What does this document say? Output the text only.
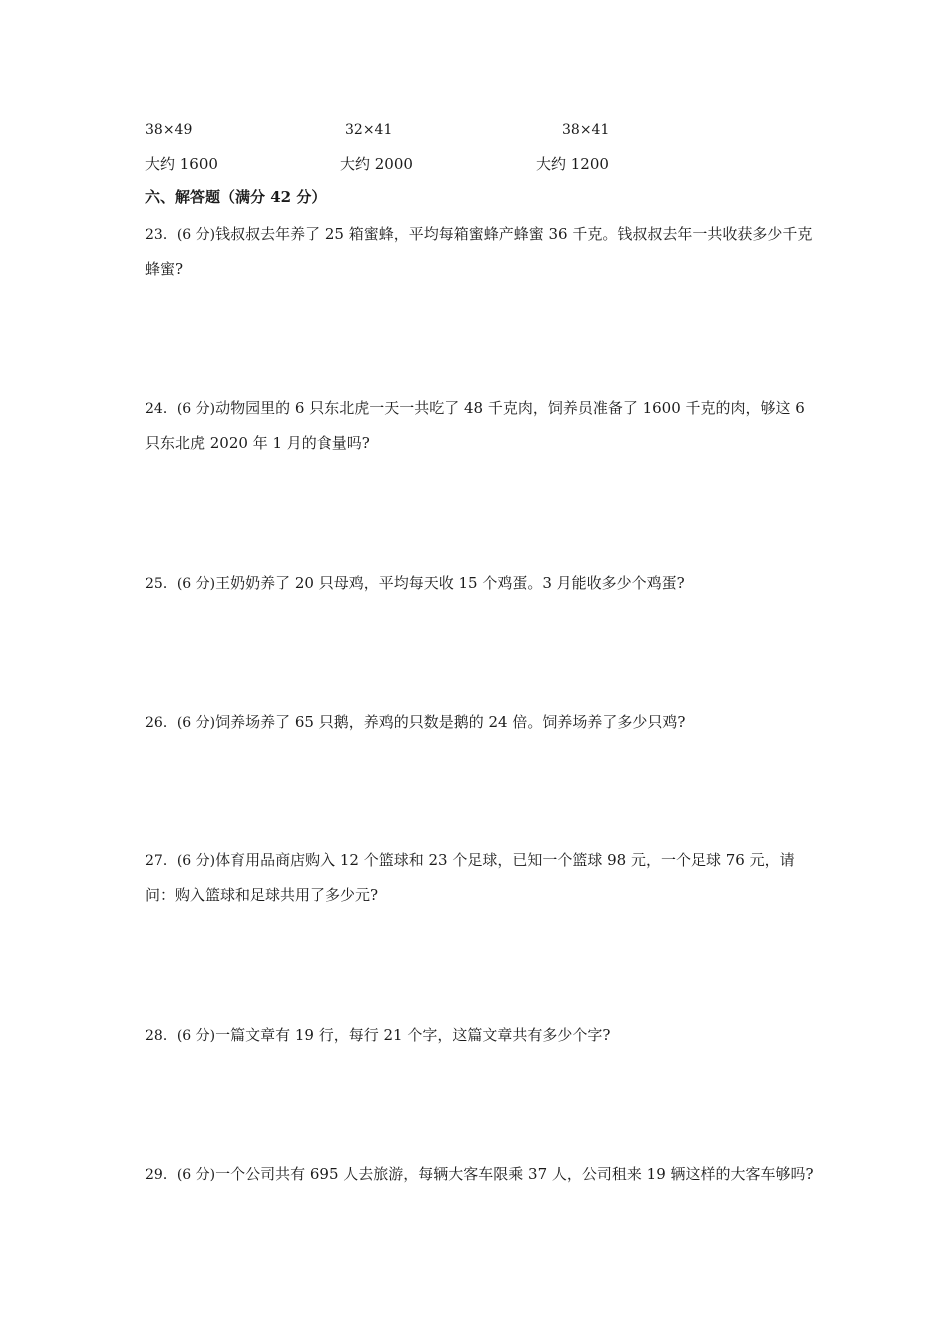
38×49	32×41	38×41
大约 1600	大约 2000	大约 1200
六、解答题（满分 42 分）
23．(6 分)钱叔叔去年养了 25 箱蜜蜂，平均每箱蜜蜂产蜂蜜 36 千克。钱叔叔去年一共收获多少千克蜂蜜?
24．(6 分)动物园里的 6 只东北虎一天一共吃了 48 千克肉，饲养员准备了 1600 千克的肉，够这 6 只东北虎 2020 年 1 月的食量吗?
25．(6 分)王奶奶养了 20 只母鸡，平均每天收 15 个鸡蛋。3 月能收多少个鸡蛋?
26．(6 分)饲养场养了 65 只鹅，养鸡的只数是鹅的 24 倍。饲养场养了多少只鸡?
27．(6 分)体育用品商店购入 12 个篮球和 23 个足球，已知一个篮球 98 元，一个足球 76 元，请问：购入篮球和足球共用了多少元?
28．(6 分)一篇文章有 19 行，每行 21 个字，这篇文章共有多少个字?
29．(6 分)一个公司共有 695 人去旅游，每辆大客车限乘 37 人，公司租来 19 辆这样的大客车够吗?
